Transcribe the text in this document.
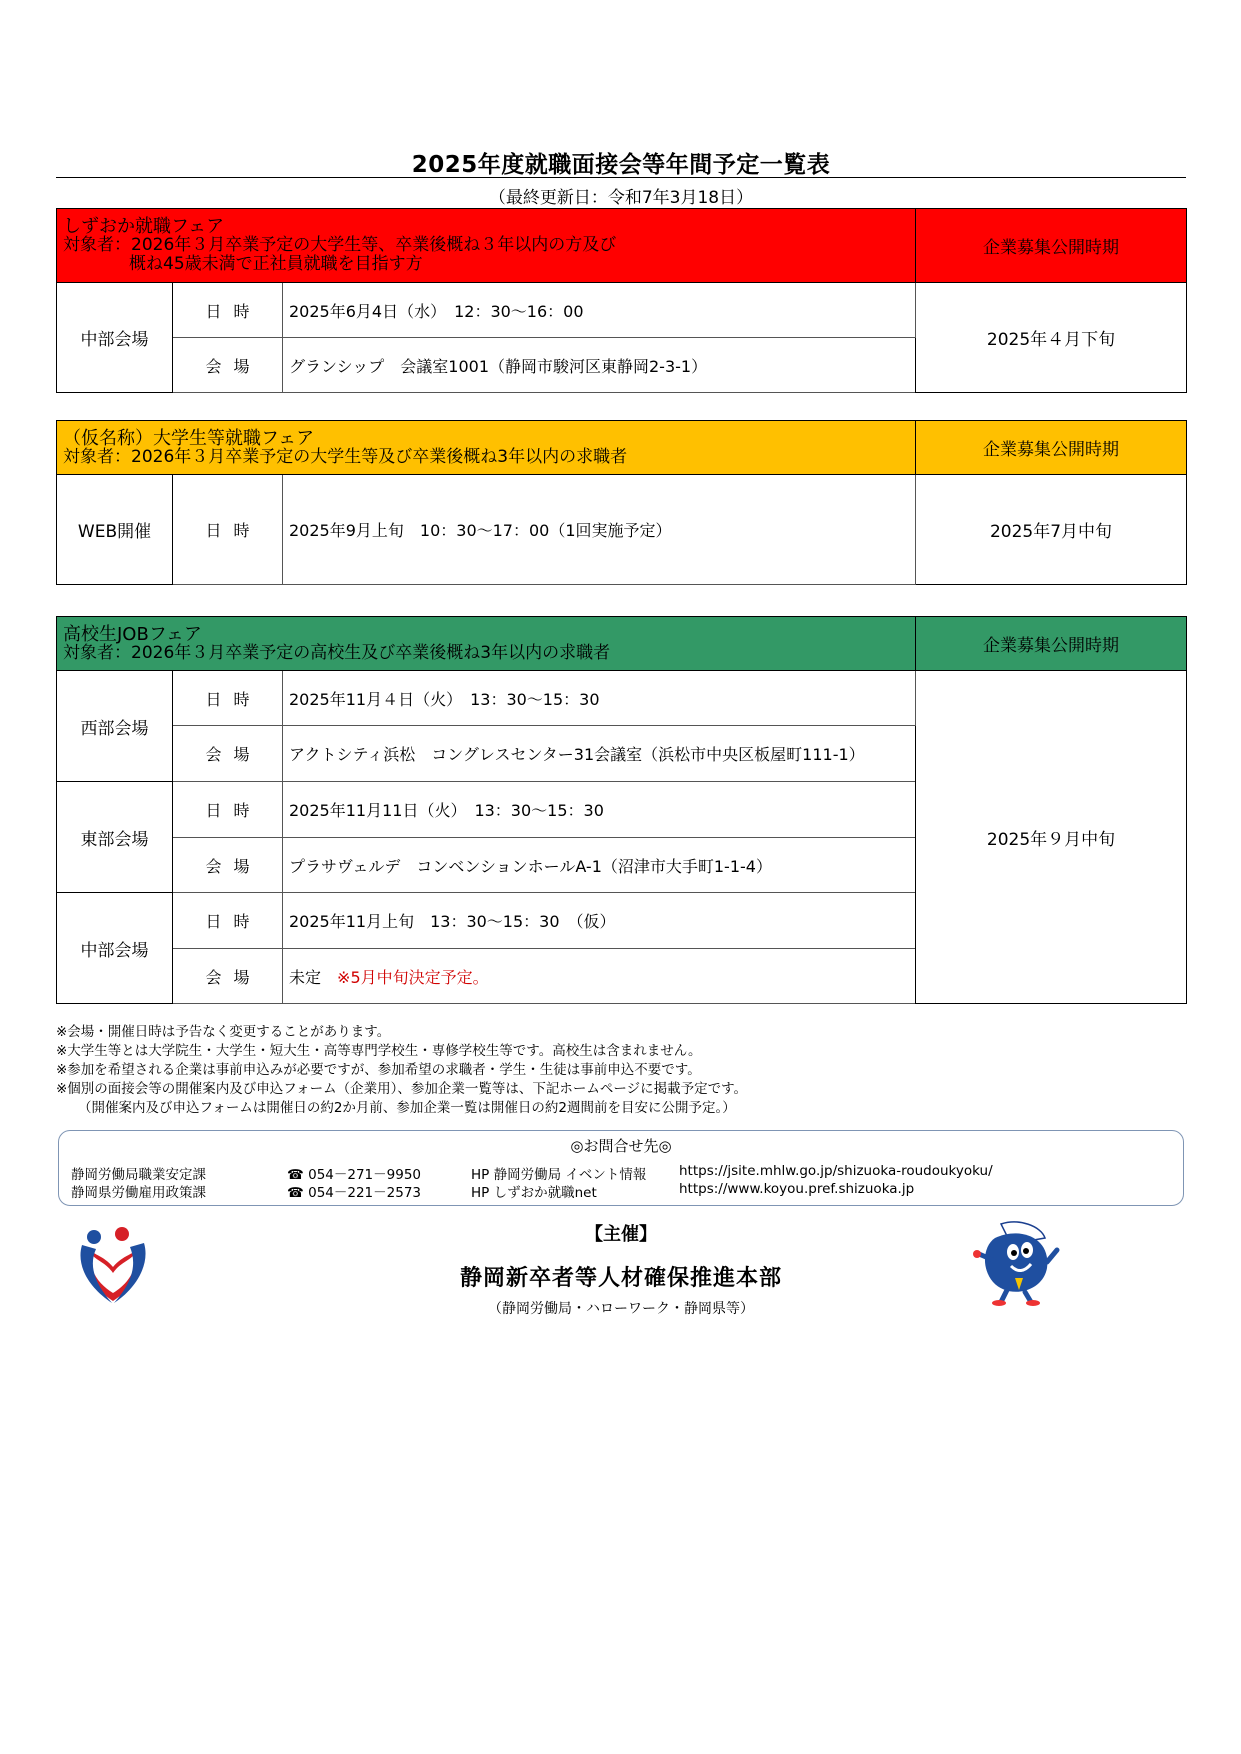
2025年度就職面接会等年間予定一覧表
（最終更新日：令和7年3月18日）
しずおか就職フェア
対象者：2026年３月卒業予定の大学生等、卒業後概ね３年以内の方及び
概ね45歳未満で正社員就職を目指す方			企業募集公開時期
中部会場	日時	2025年6月4日（水）　12：30～16：00	2025年４月下旬
	会場	グランシップ　会議室1001（静岡市駿河区東静岡2-3-1）	
（仮名称）大学生等就職フェア
対象者：2026年３月卒業予定の大学生等及び卒業後概ね3年以内の求職者			企業募集公開時期
WEB開催	日時	2025年9月上旬　10：30～17：00（1回実施予定）	2025年7月中旬
高校生JOBフェア
対象者：2026年３月卒業予定の高校生及び卒業後概ね3年以内の求職者			企業募集公開時期
西部会場	日時	2025年11月４日（火）　13：30～15：30	2025年９月中旬
	会場	アクトシティ浜松　コングレスセンター31会議室（浜松市中央区板屋町111-1）	
東部会場	日時	2025年11月11日（火）　13：30～15：30	
	会場	プラサヴェルデ　コンベンションホールA-1（沼津市大手町1-1-4）	
中部会場	日時	2025年11月上旬　13：30～15：30　（仮）	
	会場	未定　 ※5月中旬決定予定。	
※会場・開催日時は予告なく変更することがあります。
※大学生等とは大学院生・大学生・短大生・高等専門学校生・専修学校生等です。高校生は含まれません。
※参加を希望される企業は事前申込みが必要ですが、参加希望の求職者・学生・生徒は事前申込不要です。
※個別の面接会等の開催案内及び申込フォーム（企業用）、参加企業一覧等は、下記ホームページに掲載予定です。
（開催案内及び申込フォームは開催日の約2か月前、参加企業一覧は開催日の約2週間前を目安に公開予定。）
◎お問合せ先◎
静岡労働局職業安定課	☎ 054－271－9950	HP 静岡労働局 イベント情報 https://jsite.mhlw.go.jp/shizuoka-roudoukyoku/
静岡県労働雇用政策課	☎ 054－221－2573	HP しずおか就職net	https://www.koyou.pref.shizuoka.jp
【主催】
静岡新卒者等人材確保推進本部
（静岡労働局・ハローワーク・静岡県等）
